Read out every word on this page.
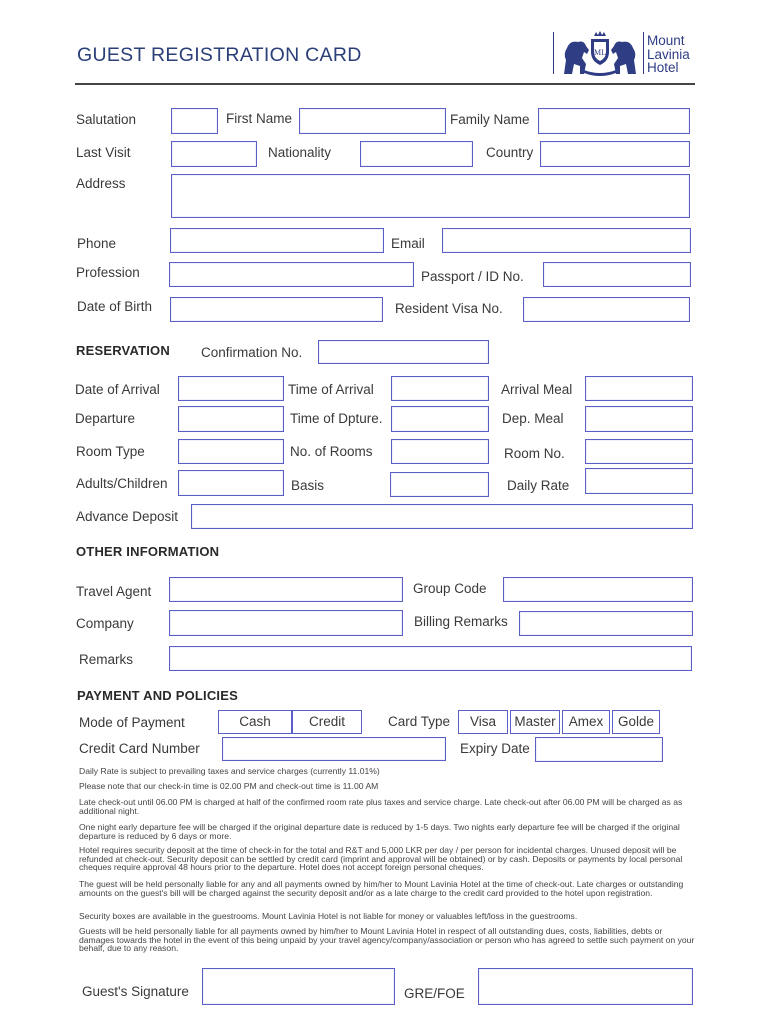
GUEST REGISTRATION CARD	ML
Mount
Lavinia
Hotel
Salutation	First Name	Family Name
Last Visit	Nationality	Country
Address
Phone	Email
Profession	Passport / ID No.
Date of Birth	Resident Visa No.
RESERVATION Confirmation No.
Date of Arrival	Time of Arrival	Arrival Meal
Departure	Time of Dpture.	Dep. Meal
Room Type	No. of Rooms	Room No.
Adults/Children	Basis	Daily Rate
Advance Deposit
OTHER INFORMATION
Travel Agent	Group Code
Company	Billing Remarks
Remarks
PAYMENT AND POLICIES
Mode of Payment	Cash	Credit	Card Type	Visa	Master Amex	Golde
Credit Card Number	Expiry Date
Daily Rate is subject to prevailing taxes and service charges (currently 11.01%)
Please note that our check-in time is 02.00 PM and check-out time is 11.00 AM
Late check-out until 06.00 PM is charged at half of the confirmed room rate plus taxes and service charge. Late check-out after 06.00 PM will be charged as as additional night.
One night early departure fee will be charged if the original departure date is reduced by 1-5 days. Two nights early departure fee will be charged if the original departure is reduced by 6 days or more.
Hotel requires security deposit at the time of check-in for the total and R&T and 5,000 LKR per day / per person for incidental charges. Unused deposit will be refunded at check-out. Security deposit can be settled by credit card (imprint and approval will be obtained) or by cash. Deposits or payments by local personal cheques require approval 48 hours prior to the departure. Hotel does not accept foreign personal cheques.
The guest will be held personally liable for any and all payments owned by him/her to Mount Lavinia Hotel at the time of check-out. Late charges or outstanding amounts on the guest's bill will be charged against the security deposit and/or as a late charge to the credit card provided to the hotel upon registration.
Security boxes are available in the guestrooms. Mount Lavinia Hotel is not liable for money or valuables left/loss in the guestrooms.
Guests will be held personally liable for all payments owned by him/her to Mount Lavinia Hotel in respect of all outstanding dues, costs, liabilities, debts or damages towards the hotel in the event of this being unpaid by your travel agency/company/association or person who has agreed to settle such payment on your behalf, due to any reason.
Guest's Signature	GRE/FOE
